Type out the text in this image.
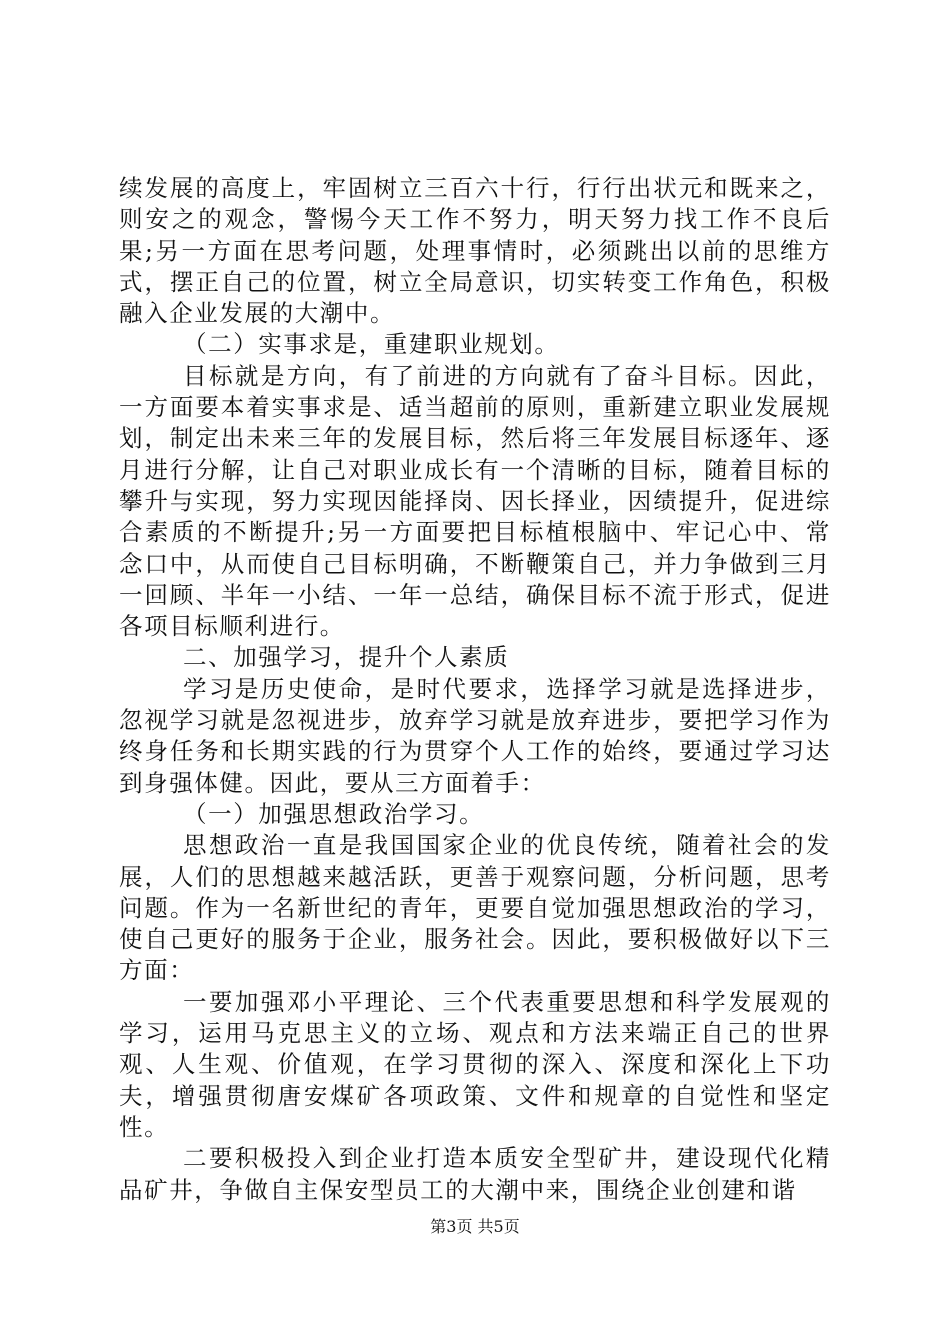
续发展的高度上，牢固树立三百六十行，行行出状元和既来之，则安之的观念，警惕今天工作不努力，明天努力找工作不良后果;另一方面在思考问题，处理事情时，必须跳出以前的思维方式，摆正自己的位置，树立全局意识，切实转变工作角色，积极融入企业发展的大潮中。

（二）实事求是，重建职业规划。

目标就是方向，有了前进的方向就有了奋斗目标。因此，一方面要本着实事求是、适当超前的原则，重新建立职业发展规划，制定出未来三年的发展目标，然后将三年发展目标逐年、逐月进行分解，让自己对职业成长有一个清晰的目标，随着目标的攀升与实现，努力实现因能择岗、因长择业，因绩提升，促进综合素质的不断提升;另一方面要把目标植根脑中、牢记心中、常念口中，从而使自己目标明确，不断鞭策自己，并力争做到三月一回顾、半年一小结、一年一总结，确保目标不流于形式，促进各项目标顺利进行。

二、加强学习，提升个人素质

学习是历史使命，是时代要求，选择学习就是选择进步，忽视学习就是忽视进步，放弃学习就是放弃进步，要把学习作为终身任务和长期实践的行为贯穿个人工作的始终，要通过学习达到身强体健。因此，要从三方面着手：

（一）加强思想政治学习。

思想政治一直是我国国家企业的优良传统，随着社会的发展，人们的思想越来越活跃，更善于观察问题，分析问题，思考问题。作为一名新世纪的青年，更要自觉加强思想政治的学习，使自己更好的服务于企业，服务社会。因此，要积极做好以下三方面：

一要加强邓小平理论、三个代表重要思想和科学发展观的学习，运用马克思主义的立场、观点和方法来端正自己的世界观、人生观、价值观，在学习贯彻的深入、深度和深化上下功夫，增强贯彻唐安煤矿各项政策、文件和规章的自觉性和坚定性。

二要积极投入到企业打造本质安全型矿井，建设现代化精品矿井，争做自主保安型员工的大潮中来，围绕企业创建和谐

第3页 共5页
